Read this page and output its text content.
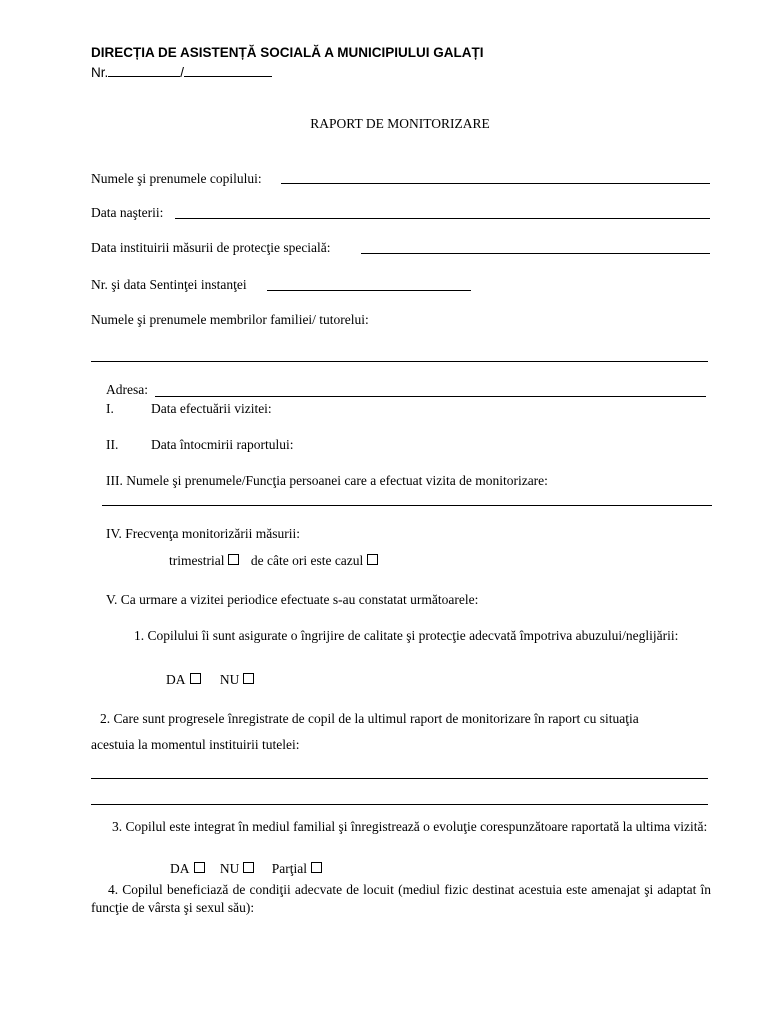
DIRECȚIA DE ASISTENȚĂ SOCIALĂ A MUNICIPIULUI GALAȚI
Nr.	/
RAPORT DE MONITORIZARE
Numele şi prenumele copilului:
Data naşterii:
Data instituirii măsurii de protecţie specială:
Nr. şi data Sentinţei instanţei
Numele şi prenumele membrilor familiei/ tutorelui:
Adresa:
I.	Data efectuării vizitei:
II. Data întocmirii raportului:
III. Numele şi prenumele/Funcţia persoanei care a efectuat vizita de monitorizare:
IV. Frecvenţa monitorizării măsurii:
trimestrial de câte ori este cazul
V. Ca urmare a vizitei periodice efectuate s-au constatat următoarele:
1. Copilului îi sunt asigurate o îngrijire de calitate şi protecţie adecvată împotriva abuzului/neglijării:
DA	NU
2. Care sunt progresele înregistrate de copil de la ultimul raport de monitorizare în raport cu situaţia
acestuia la momentul instituirii tutelei:
3. Copilul este integrat în mediul familial şi înregistrează o evoluţie corespunzătoare raportată la ultima vizită:
DA NU Parţial
4. Copilul beneficiază de condiţii adecvate de locuit (mediul fizic destinat acestuia este amenajat şi adaptat în funcţie de vârsta şi sexul său):
